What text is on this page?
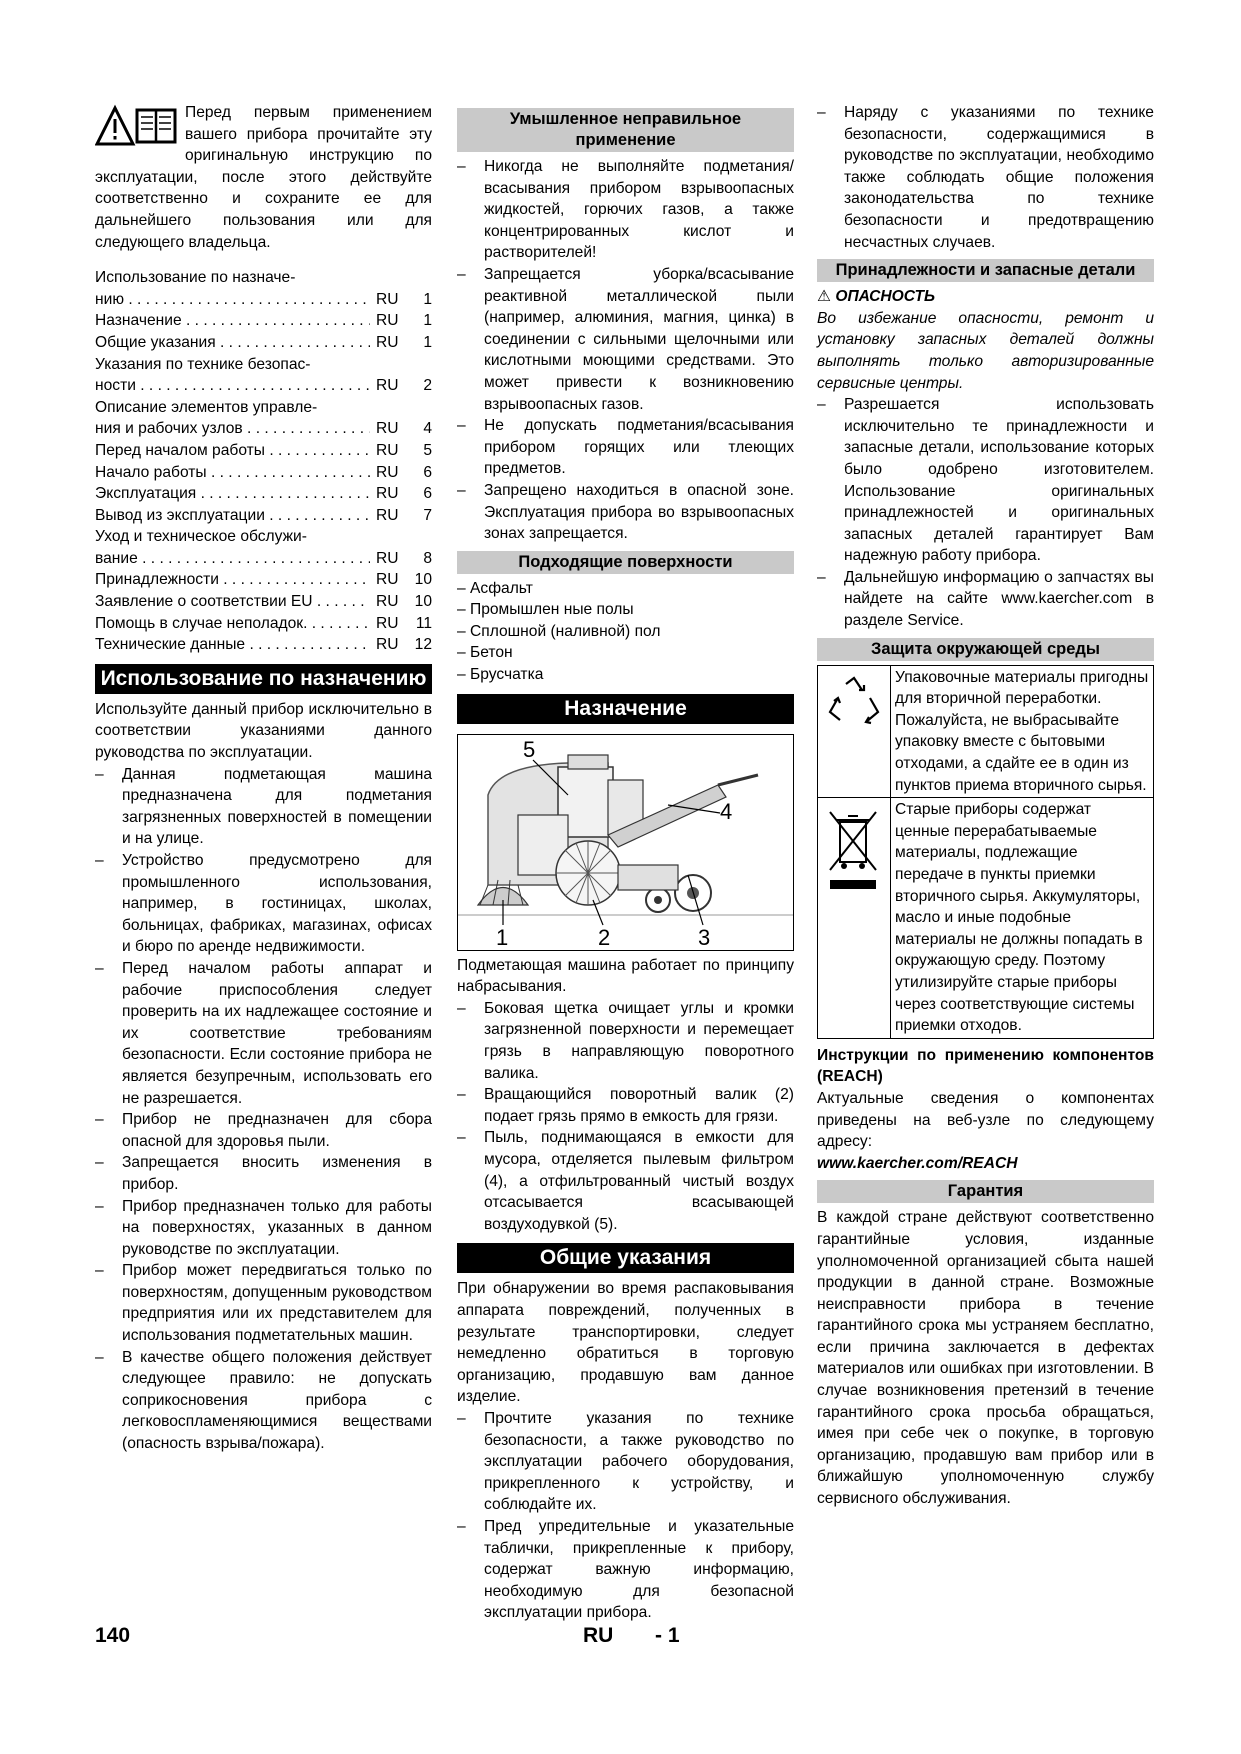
Перед первым применением вашего прибора прочитайте эту оригинальную инструкцию по эксплуатации, после этого действуйте соответственно и сохраните ее для дальнейшего пользования или для следующего владельца.

Использование по назначе-
нию . . .	RU	1
Назначение . . .	RU	1
Общие указания . . .	RU	1
Указания по технике безопас-
ности . . .	RU	2
Описание элементов управле-
ния и рабочих узлов . . .	RU	4
Перед началом работы . . .	RU	5
Начало работы . . .	RU	6
Эксплуатация . . .	RU	6
Вывод из эксплуатации . . .	RU	7
Уход и техническое обслужи-
вание . . .	RU	8
Принадлежности . . .	RU	10
Заявление о соответствии EU . . .	RU	10
Помощь в случае неполадок. . . .	RU	11
Технические данные . . .	RU	12
Использование по назначению

Используйте данный прибор исключительно в соответствии указаниями данного руководства по эксплуатации.

– Данная подметающая машина предназначена для подметания загрязненных поверхностей в помещении и на улице.
– Устройство предусмотрено для промышленного использования, например, в гостиницах, школах, больницах, фабриках, магазинах, офисах и бюро по аренде недвижимости.
– Перед началом работы аппарат и рабочие приспособления следует проверить на их надлежащее состояние и их соответствие требованиям безопасности. Если состояние прибора не является безупречным, использовать его не разрешается.
– Прибор не предназначен для сбора опасной для здоровья пыли.
– Запрещается вносить изменения в прибор.
– Прибор предназначен только для работы на поверхностях, указанных в данном руководстве по эксплуатации.
– Прибор может передвигаться только по поверхностям, допущенным руководством предприятия или их представителем для использования подметательных машин.
– В качестве общего положения действует следующее правило: не допускать соприкосновения прибора с легковоспламеняющимися веществами (опасность взрыва/пожара).
Умышленное неправильное применение
– Никогда не выполняйте подметания/ всасывания прибором взрывоопасных жидкостей, горючих газов, а также концентрированных кислот и растворителей!
– Запрещается уборка/всасывание реактивной металлической пыли (например, алюминия, магния, цинка) в соединении с сильными щелочными или кислотными моющими средствами. Это может привести к возникновению взрывоопасных газов.
– Не допускать подметания/всасывания прибором горящих или тлеющих предметов.
– Запрещено находиться в опасной зоне. Эксплуатация прибора во взрывоопасных зонах запрещается.
Подходящие поверхности
– Асфальт
– Промышлен ные полы
– Сплошной (наливной) пол
– Бетон
– Брусчатка
Назначение
5
4
1	2	3

Подметающая машина работает по принципу набрасывания.

– Боковая щетка очищает углы и кромки загрязненной поверхности и перемещает грязь в направляющую поворотного валика.
– Вращающийся поворотный валик (2) подает грязь прямо в емкость для грязи.
– Пыль, поднимающаяся в емкости для мусора, отделяется пылевым фильтром (4), а отфильтрованный чистый воздух отсасывается всасывающей воздуходувкой (5).
Общие указания

При обнаружении во время распаковывания аппарата повреждений, полученных в результате транспортировки, следует немедленно обратиться в торговую организацию, продавшую вам данное изделие.

– Прочтите указания по технике безопасности, а также руководство по эксплуатации рабочего оборудования, прикрепленного к устройству, и соблюдайте их.
– Пред упредительные и указательные таблички, прикрепленные к прибору, содержат важную информацию, необходимую для безопасной эксплуатации прибора.
– Наряду с указаниями по технике безопасности, содержащимися в руководстве по эксплуатации, необходимо также соблюдать общие положения законодательства по технике безопасности и предотвращению несчастных случаев.
Принадлежности и запасные детали
⚠ ОПАСНОСТЬ

Во избежание опасности, ремонт и установку запасных деталей должны выполнять только авторизированные сервисные центры.

– Разрешается использовать исключительно те принадлежности и запасные детали, использование которых было одобрено изготовителем. Использование оригинальных принадлежностей и оригинальных запасных деталей гарантирует Вам надежную работу прибора.
– Дальнейшую информацию о запчастях вы найдете на сайте www.kaercher.com в разделе Service.
Защита окружающей среды
	Упаковочные материалы пригодны для вторичной переработки. Пожалуйста, не выбрасывайте упаковку вместе с бытовыми отходами, а сдайте ее в один из пунктов приема вторичного сырья.
	Старые приборы содержат ценные перерабатываемые материалы, подлежащие передаче в пункты приемки вторичного сырья. Аккумуляторы, масло и иные подобные материалы не должны попадать в окружающую среду. Поэтому утилизируйте старые приборы через соответствующие системы приемки отходов.

Инструкции по применению компонентов (REACH)

Актуальные сведения о компонентах приведены на веб-узле по следующему адресу:

www.kaercher.com/REACH

Гарантия

В каждой стране действуют соответственно гарантийные условия, изданные уполномоченной организацией сбыта нашей продукции в данной стране. Возможные неисправности прибора в течение гарантийного срока мы устраняем бесплатно, если причина заключается в дефектах материалов или ошибках при изготовлении. В случае возникновения претензий в течение гарантийного срока просьба обращаться, имея при себе чек о покупке, в торговую организацию, продавшую вам прибор или в ближайшую уполномоченную службу сервисного обслуживания.

140	RU - 1
